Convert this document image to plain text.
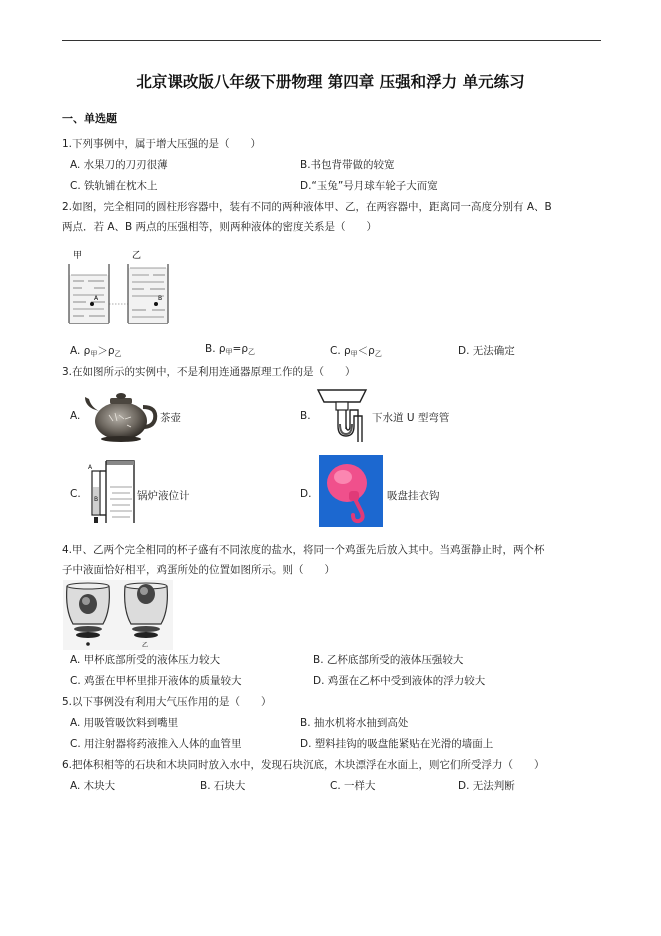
北京课改版八年级下册物理 第四章 压强和浮力 单元练习
一、单选题
1.下列事例中，属于增大压强的是（　　）
A. 水果刀的刀刃很薄	B.书包背带做的较宽
C. 铁轨铺在枕木上	D.“玉兔”号月球车轮子大而宽
2.如图，完全相同的圆柱形容器中，装有不同的两种液体甲、乙，在两容器中，距离同一高度分别有 A、B
两点．若 A、B 两点的压强相等，则两种液体的密度关系是（　　）
甲	乙
A	B
A. $\rho_甲>\rho_乙$	B. $\rho_甲=\rho_乙$	C. $\rho_甲<\rho_乙$	D. 无法确定
3.在如图所示的实例中，不是利用连通器原理工作的是（　　）
A.	茶壶	B.	下水道 U 型弯管
C.
A
B	锅炉液位计	D.	吸盘挂衣钩
4.甲、乙两个完全相同的杯子盛有不同浓度的盐水，将同一个鸡蛋先后放入其中。当鸡蛋静止时，两个杯
子中液面恰好相平，鸡蛋所处的位置如图所示。则（　　）
乙
A. 甲杯底部所受的液体压力较大	B. 乙杯底部所受的液体压强较大
C. 鸡蛋在甲杯里排开液体的质量较大	D. 鸡蛋在乙杯中受到液体的浮力较大
5.以下事例没有利用大气压作用的是（　　）
A. 用吸管吸饮料到嘴里	B. 抽水机将水抽到高处
C. 用注射器将药液推入人体的血管里	D. 塑料挂钩的吸盘能紧贴在光滑的墙面上
6.把体积相等的石块和木块同时放入水中，发现石块沉底，木块漂浮在水面上，则它们所受浮力（　　）
A. 木块大	B. 石块大	C. 一样大	D. 无法判断
